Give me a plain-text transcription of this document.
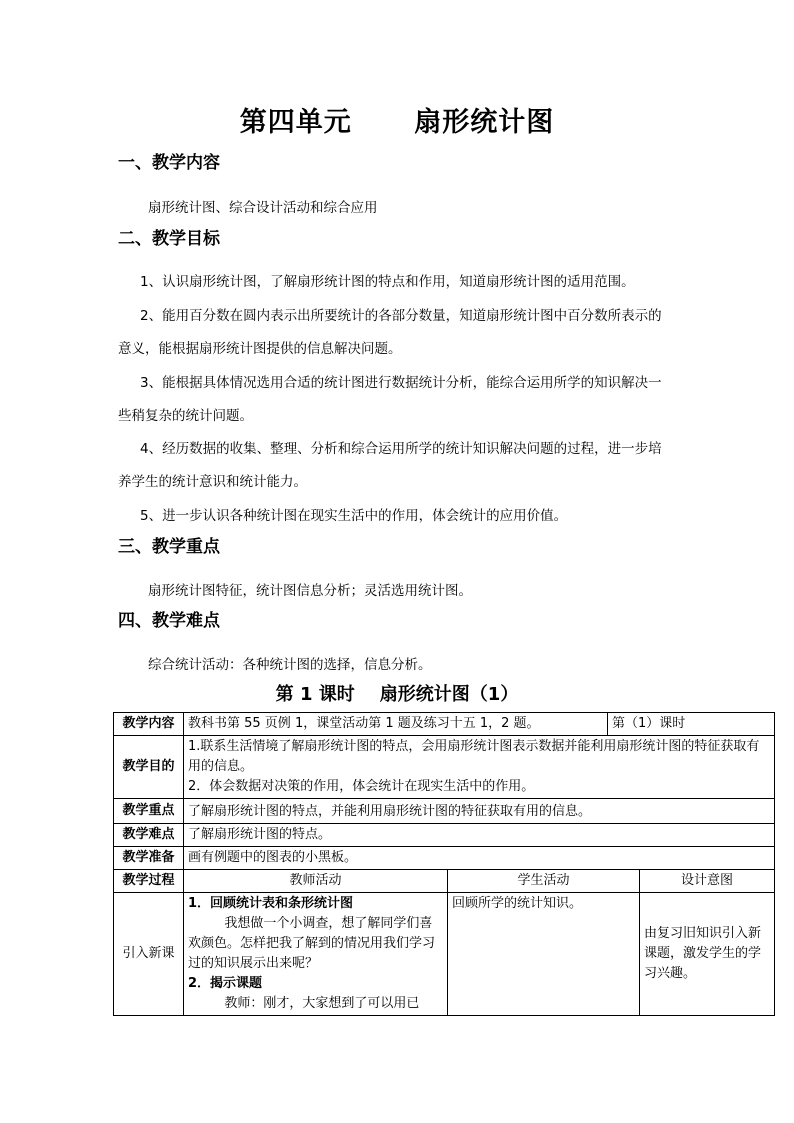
第四单元      扇形统计图
一、教学内容
扇形统计图、综合设计活动和综合应用
二、教学目标
1、认识扇形统计图，了解扇形统计图的特点和作用，知道扇形统计图的适用范围。
2、能用百分数在圆内表示出所要统计的各部分数量，知道扇形统计图中百分数所表示的
意义，能根据扇形统计图提供的信息解决问题。
3、能根据具体情况选用合适的统计图进行数据统计分析，能综合运用所学的知识解决一
些稍复杂的统计问题。
4、经历数据的收集、整理、分析和综合运用所学的统计知识解决问题的过程，进一步培
养学生的统计意识和统计能力。
5、进一步认识各种统计图在现实生活中的作用，体会统计的应用价值。
三、教学重点
扇形统计图特征，统计图信息分析；灵活选用统计图。
四、教学难点
综合统计活动：各种统计图的选择，信息分析。
第 1 课时    扇形统计图（1）
教学内容	教科书第 55 页例 1，课堂活动第 1 题及练习十五 1，2 题。		第（1）课时	
教学目的	1.联系生活情境了解扇形统计图的特点，会用扇形统计图表示数据并能利用扇形统计图的特征获取有用的信息。
2．体会数据对决策的作用，体会统计在现实生活中的作用。			

教学重点	了解扇形统计图的特点，并能利用扇形统计图的特征获取有用的信息。			
教学难点	了解扇形统计图的特点。			
教学准备	画有例题中的图表的小黑板。			
教学过程	教师活动	学生活动		设计意图
引入新课	1．回顾统计表和条形统计图
我想做一个小调查，想了解同学们喜欢颜色。怎样把我了解到的情况用我们学习过的知识展示出来呢？
2．揭示课题
教师：刚才，大家想到了可以用已	回顾所学的统计知识。		由复习旧知识引入新课题，激发学生的学习兴趣。
